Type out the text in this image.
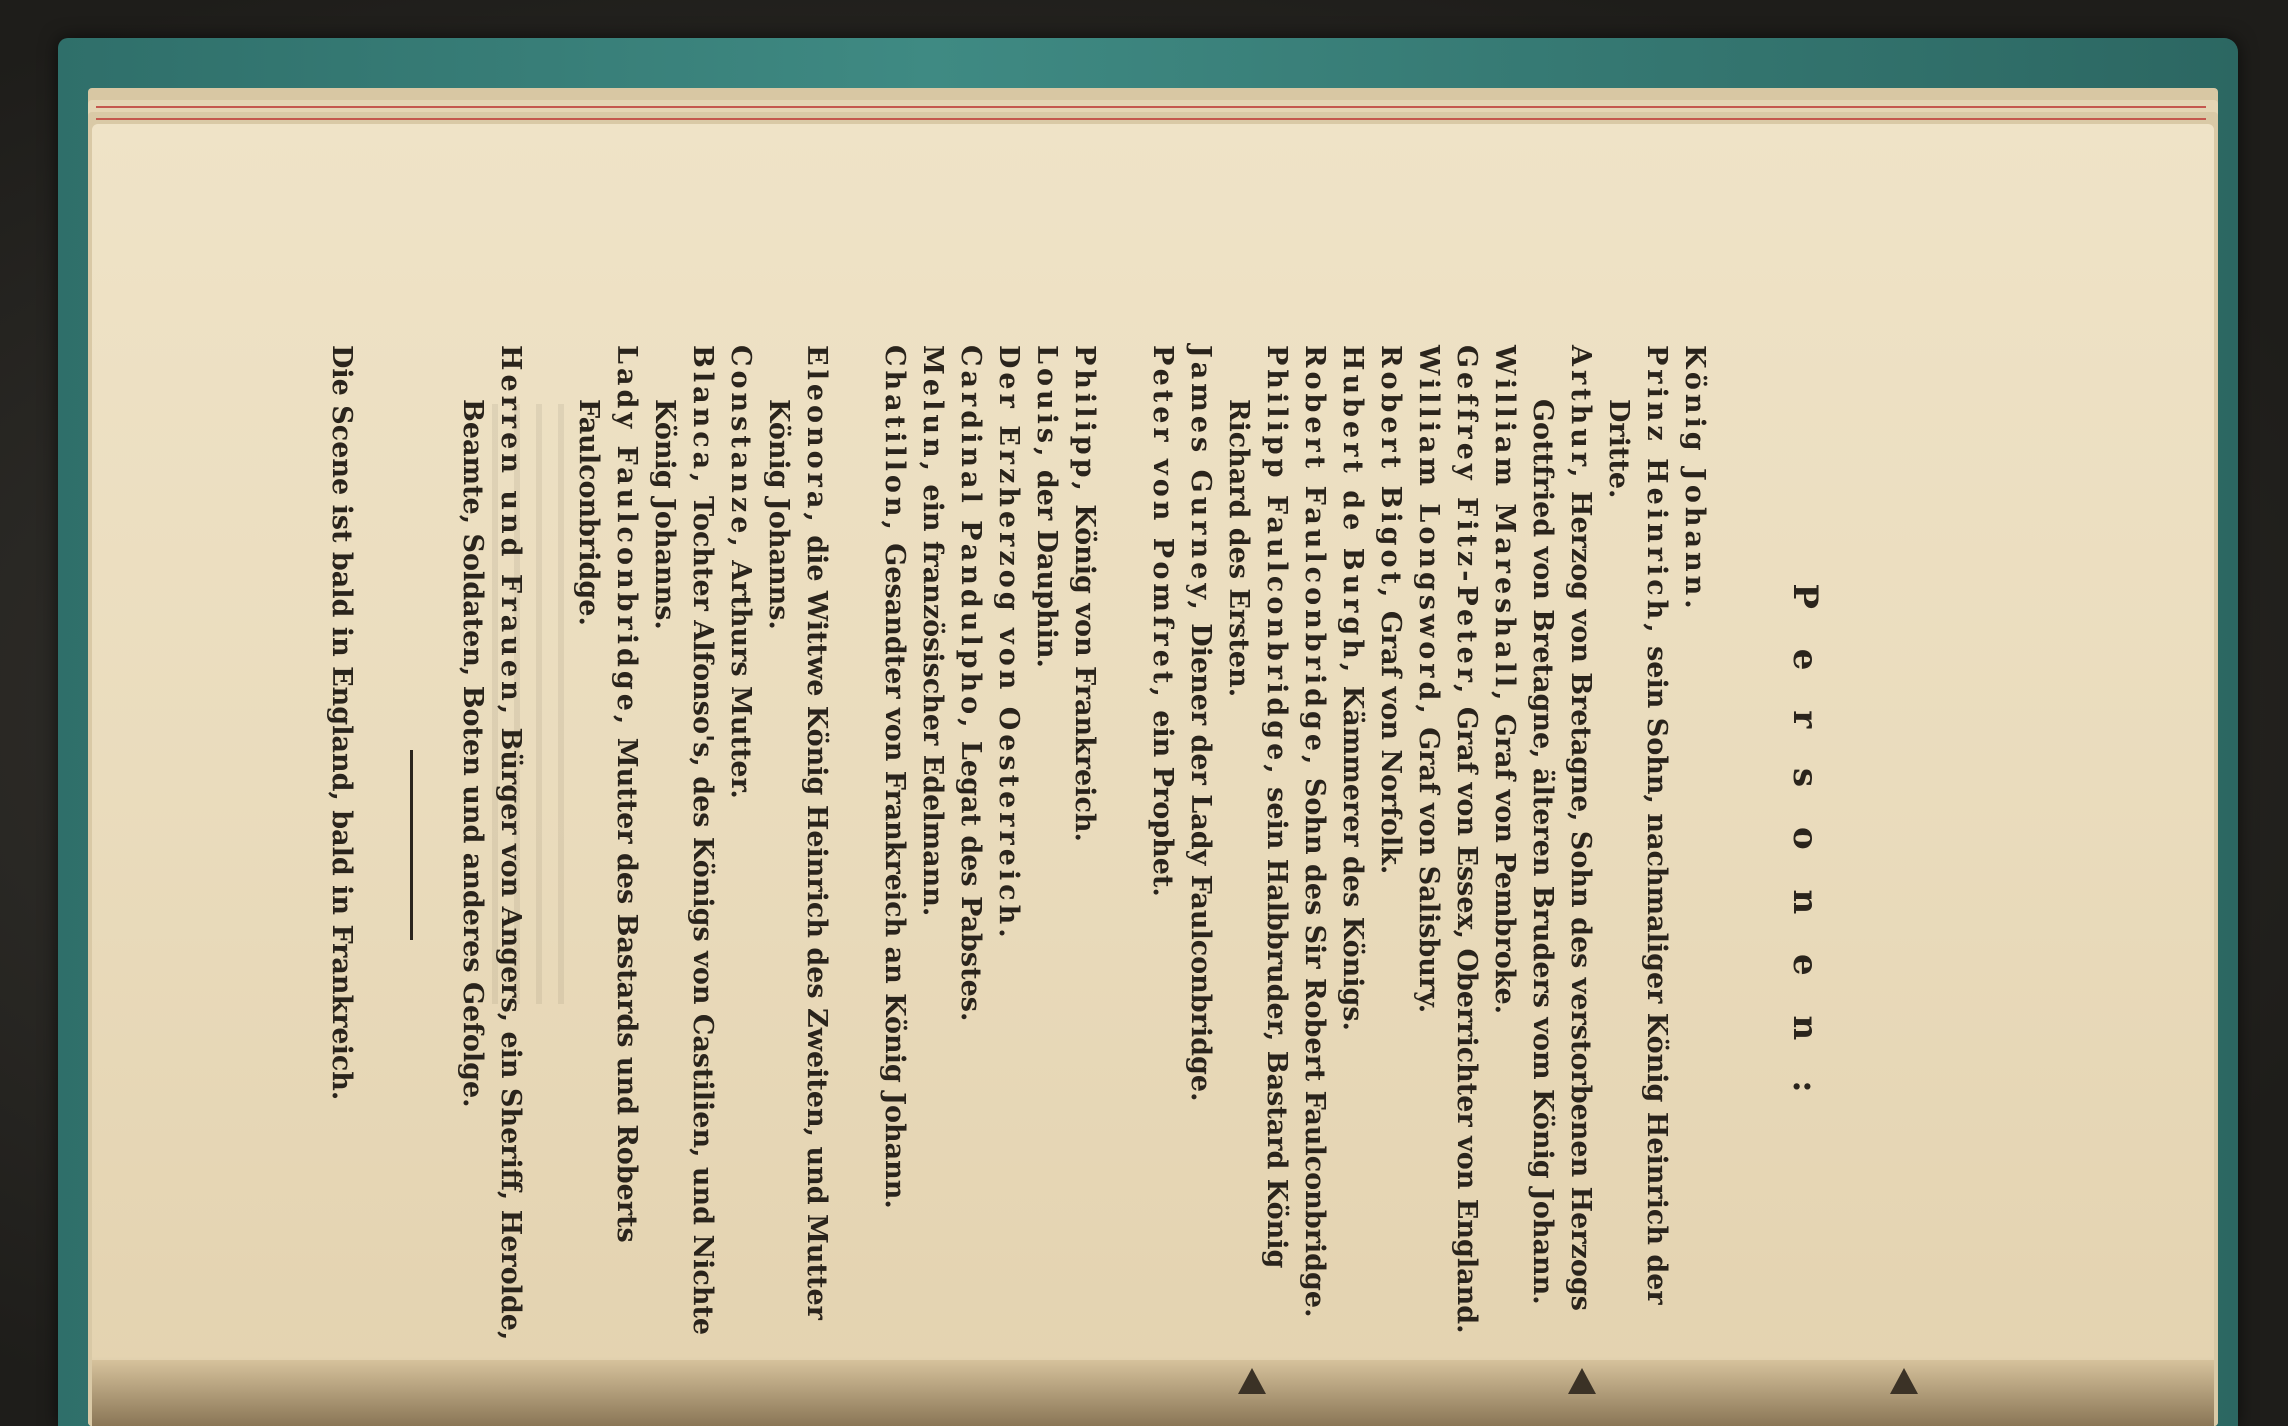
P e r s o n e n :

König Johann.

Prinz Heinrich, sein Sohn, nachmaliger König Heinrich der Dritte.

Arthur, Herzog von Bretagne, Sohn des verstorbenen Herzogs Gottfried von Bretagne, älteren Bruders vom König Johann.

William Mareshall, Graf von Pembroke.

Geffrey Fitz-Peter, Graf von Essex, Oberrichter von England.

William Longsword, Graf von Salisbury.

Robert Bigot, Graf von Norfolk.

Hubert de Burgh, Kämmerer des Königs.

Robert Faulconbridge, Sohn des Sir Robert Faulconbridge.

Philipp Faulconbridge, sein Halbbruder, Bastard König Richard des Ersten.

James Gurney, Diener der Lady Faulconbridge.

Peter von Pomfret, ein Prophet.

Philipp, König von Frankreich.

Louis, der Dauphin.

Der Erzherzog von Oesterreich.

Cardinal Pandulpho, Legat des Pabstes.

Melun, ein französischer Edelmann.

Chatillon, Gesandter von Frankreich an König Johann.

Eleonora, die Wittwe König Heinrich des Zweiten, und Mutter König Johanns.

Constanze, Arthurs Mutter.

Blanca, Tochter Alfonso's, des Königs von Castilien, und Nichte König Johanns.

Lady Faulconbridge, Mutter des Bastards und Roberts Faulconbridge.

Herren und Frauen, Bürger von Angers, ein Sheriff, Herolde, Beamte, Soldaten, Boten und anderes Gefolge.

Die Scene ist bald in England, bald in Frankreich.
